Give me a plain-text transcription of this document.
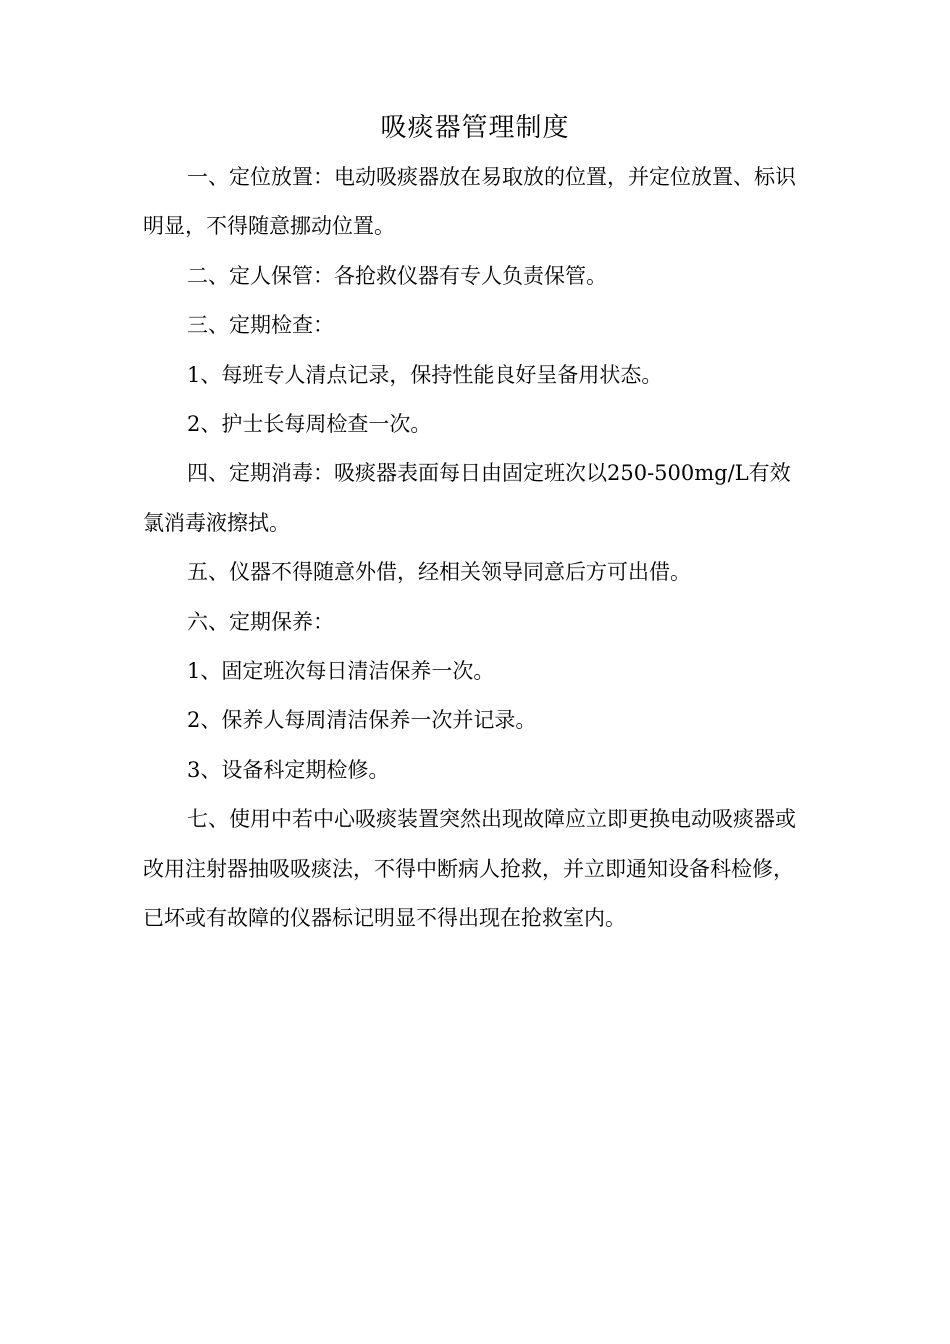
吸痰器管理制度

一、定位放置：电动吸痰器放在易取放的位置，并定位放置、标识明显，不得随意挪动位置。

二、定人保管：各抢救仪器有专人负责保管。

三、定期检查：

1、每班专人清点记录，保持性能良好呈备用状态。

2、护士长每周检查一次。

四、定期消毒：吸痰器表面每日由固定班次以250-500mg/L有效氯消毒液擦拭。

五、仪器不得随意外借，经相关领导同意后方可出借。

六、定期保养：

1、固定班次每日清洁保养一次。

2、保养人每周清洁保养一次并记录。

3、设备科定期检修。

七、使用中若中心吸痰装置突然出现故障应立即更换电动吸痰器或改用注射器抽吸吸痰法，不得中断病人抢救，并立即通知设备科检修，已坏或有故障的仪器标记明显不得出现在抢救室内。
